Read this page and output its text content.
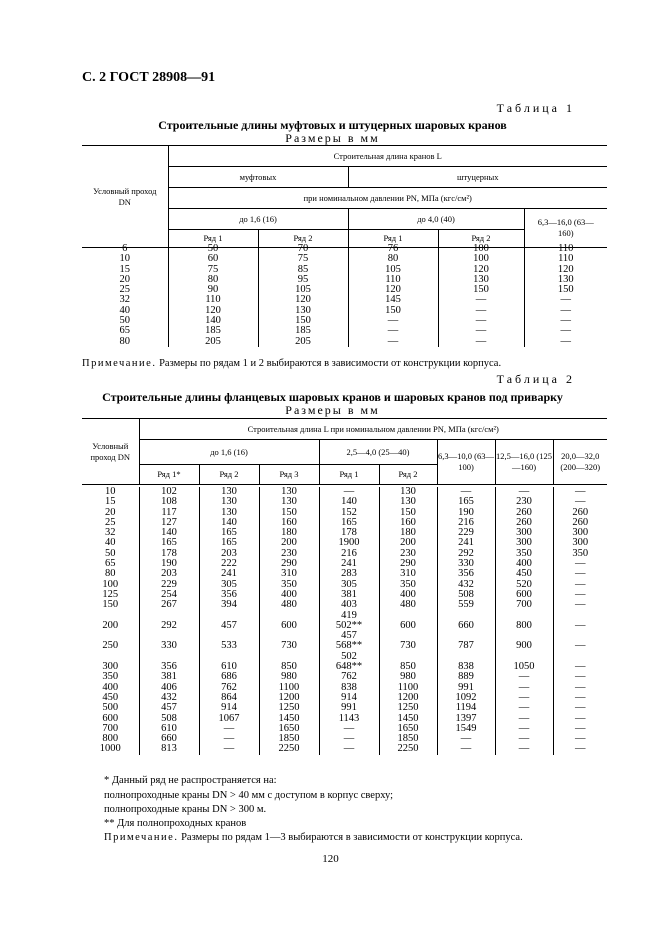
С. 2 ГОСТ 28908—91
Таблица 1
Строительные длины муфтовых и штуцерных шаровых кранов
Размеры в мм
Условный проход DN	Строительная длина кранов L				
	муфтовых		штуцерных		
	при номинальном давлении PN, МПа (кгс/см²)				
	до 1,6 (16)		до 4,0 (40)		6,3—16,0 (63—160)
	Ряд 1	Ряд 2	Ряд 1	Ряд 2	
6	50	70	76	100	110
10	60	75	80	100	110
15	75	85	105	120	120
20	80	95	110	130	130
25	90	105	120	150	150
32	110	120	145	—	—
40	120	130	150	—	—
50	140	150	—	—	—
65	185	185	—	—	—
80	205	205	—	—	—
Примечание. Размеры по рядам 1 и 2 выбираются в зависимости от конструкции корпуса.
Таблица 2
Строительные длины фланцевых шаровых кранов и шаровых кранов под приварку
Размеры в мм
Условный проход DN	Строительная длина L при номинальном давлении PN, МПа (кгс/см²)							
	до 1,6 (16)			2,5—4,0 (25—40)		6,3—10,0 (63—100)	12,5—16,0 (125—160)	20,0—32,0 (200—320)
	Ряд 1*	Ряд 2	Ряд 3	Ряд 1	Ряд 2			
10	102	130	130	—	130	—	—	—
15	108	130	130	140	130	165	230	—
20	117	130	150	152	150	190	260	260
25	127	140	160	165	160	216	260	260
32	140	165	180	178	180	229	300	300
40	165	165	200	1900	200	241	300	300
50	178	203	230	216	230	292	350	350
65	190	222	290	241	290	330	400	—
80	203	241	310	283	310	356	450	—
100	229	305	350	305	350	432	520	—
125	254	356	400	381	400	508	600	—
150	267	394	480	403	480	559	700	—
				419				
200	292	457	600	502**	600	660	800	—
				457				
250	330	533	730	568**	730	787	900	—
				502				
300	356	610	850	648**	850	838	1050	—
350	381	686	980	762	980	889	—	—
400	406	762	1100	838	1100	991	—	—
450	432	864	1200	914	1200	1092	—	—
500	457	914	1250	991	1250	1194	—	—
600	508	1067	1450	1143	1450	1397	—	—
700	610	—	1650	—	1650	1549	—	—
800	660	—	1850	—	1850	—	—	—
1000	813	—	2250	—	2250	—	—	—
* Данный ряд не распространяется на:
полнопроходные краны DN > 40 мм с доступом в корпус сверху;
полнопроходные краны DN > 300 м.
** Для полнопроходных кранов
Примечание. Размеры по рядам 1—3 выбираются в зависимости от конструкции корпуса.
120
